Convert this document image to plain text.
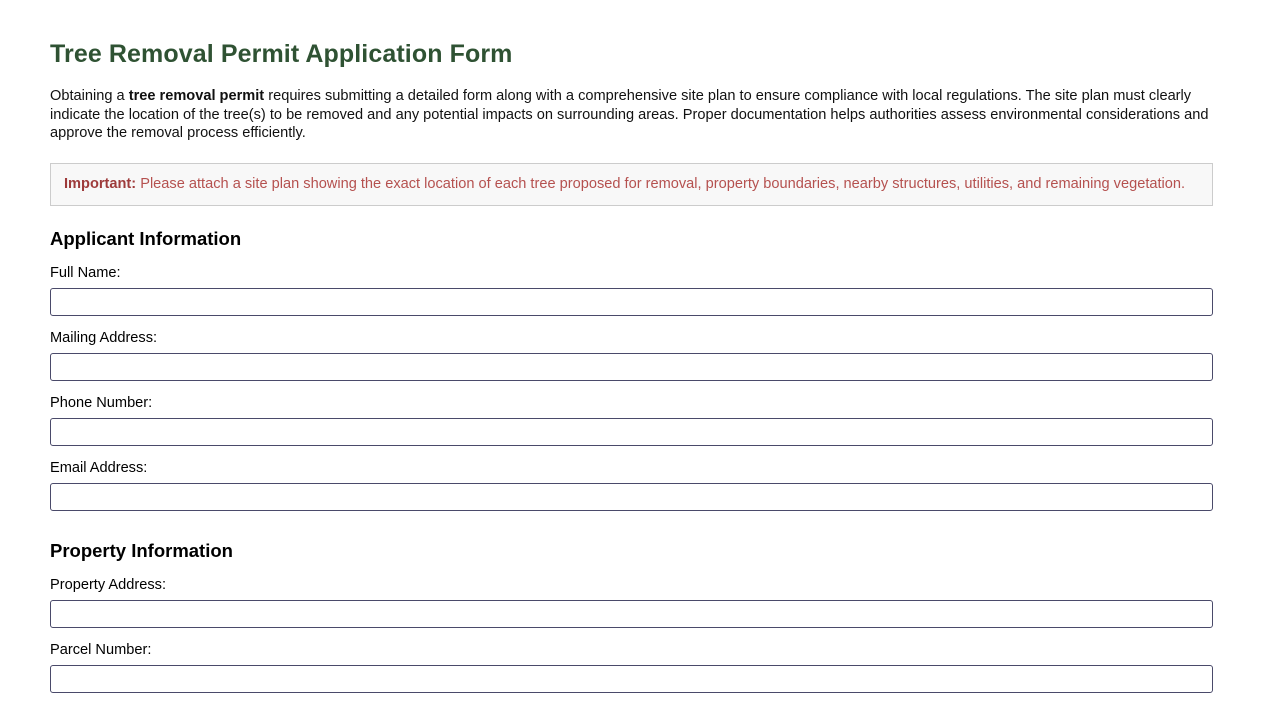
Tree Removal Permit Application Form

Obtaining a tree removal permit requires submitting a detailed form along with a comprehensive site plan to ensure compliance with local regulations. The site plan must clearly indicate the location of the tree(s) to be removed and any potential impacts on surrounding areas. Proper documentation helps authorities assess environmental considerations and approve the removal process efficiently.

Important: Please attach a site plan showing the exact location of each tree proposed for removal, property boundaries, nearby structures, utilities, and remaining vegetation.
Applicant Information
Full Name:
Mailing Address:
Phone Number:
Email Address:
Property Information
Property Address:
Parcel Number:
